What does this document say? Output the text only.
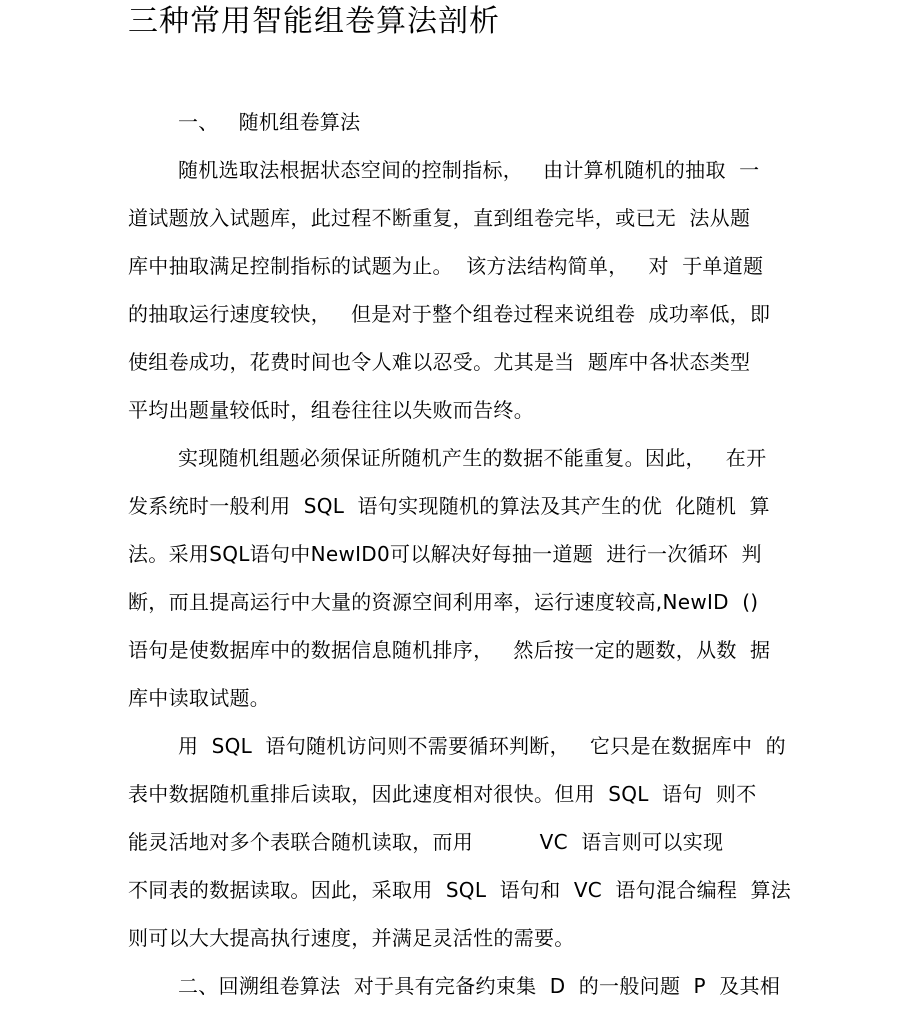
三种常用智能组卷算法剖析
一、   随机组卷算法
随机选取法根据状态空间的控制指标，   由计算机随机的抽取  一
道试题放入试题库，此过程不断重复，直到组卷完毕，或已无  法从题
库中抽取满足控制指标的试题为止。  该方法结构简单，   对  于单道题
的抽取运行速度较快，   但是对于整个组卷过程来说组卷  成功率低，即
使组卷成功，花费时间也令人难以忍受。尤其是当  题库中各状态类型
平均出题量较低时，组卷往往以失败而告终。
实现随机组题必须保证所随机产生的数据不能重复。因此，   在开
发系统时一般利用  SQL  语句实现随机的算法及其产生的优  化随机  算
法。采用SQL语句中NewID0可以解决好每抽一道题  进行一次循环  判
断，而且提高运行中大量的资源空间利用率，运行速度较高,NewID  ()
语句是使数据库中的数据信息随机排序，   然后按一定的题数，从数  据
库中读取试题。
用  SQL  语句随机访问则不需要循环判断，   它只是在数据库中  的
表中数据随机重排后读取，因此速度相对很快。但用  SQL  语句  则不
能灵活地对多个表联合随机读取，而用          VC  语言则可以实现
不同表的数据读取。因此，采取用  SQL  语句和  VC  语句混合编程  算法
则可以大大提高执行速度，并满足灵活性的需要。
二、回溯组卷算法  对于具有完备约束集  D  的一般问题  P  及其相
